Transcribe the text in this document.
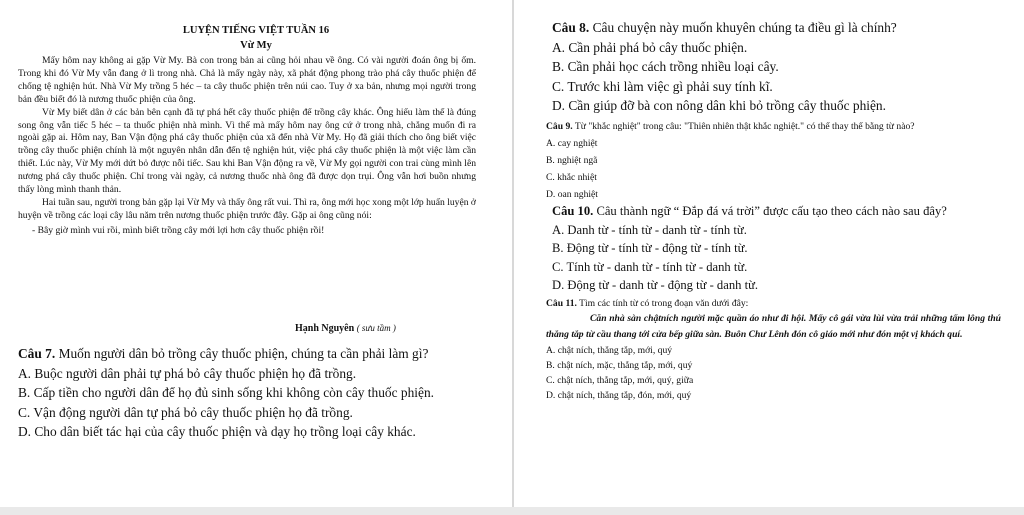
LUYỆN TIẾNG VIỆT TUẦN 16
Vừ My

Mấy hôm nay không ai gặp Vừ My. Bà con trong bản ai cũng hỏi nhau về ông. Có vài người đoán ông bị ốm. Trong khi đó Vừ My vẫn đang ở lì trong nhà. Chả là mấy ngày này, xã phát động phong trào phá cây thuốc phiện để chống tệ nghiện hút. Nhà Vừ My trồng 5 héc – ta cây thuốc phiện trên núi cao. Tuy ở xa bản, nhưng mọi người trong bản đều biết đó là nương thuốc phiện của ông.

Vừ My biết dân ở các bản bên cạnh đã tự phá hết cây thuốc phiện để trồng cây khác. Ông hiểu làm thế là đúng song ông vẫn tiếc 5 héc – ta thuốc phiện nhà mình. Vì thế mà mấy hôm nay ông cứ ở trong nhà, chẳng muốn đi ra ngoài gặp ai. Hôm nay, Ban Vận động phá cây thuốc phiện của xã đến nhà Vừ My. Họ đã giải thích cho ông biết việc trồng cây thuốc phiện chính là một nguyên nhân dẫn đến tệ nghiện hút, việc phá cây thuốc phiện là một việc làm cần thiết. Lúc này, Vừ My mới dứt bỏ được nỗi tiếc. Sau khi Ban Vận động ra về, Vừ My gọi người con trai cùng mình lên nương phá cây thuốc phiện. Chỉ trong vài ngày, cả nương thuốc nhà ông đã được dọn trụi. Ông vẫn hơi buồn nhưng thấy lòng mình thanh thản.

Hai tuần sau, người trong bản gặp lại Vừ My và thấy ông rất vui. Thì ra, ông mới học xong một lớp huấn luyện ở huyện về trồng các loại cây lâu năm trên nương thuốc phiện trước đây. Gặp ai ông cũng nói:

- Bây giờ mình vui rồi, mình biết trồng cây mới lợi hơn cây thuốc phiện rồi!

Hạnh Nguyên ( sưu tầm )
Câu 7. Muốn người dân bỏ trồng cây thuốc phiện, chúng ta cần phải làm gì?
A. Buộc người dân phải tự phá bỏ cây thuốc phiện họ đã trồng.
B. Cấp tiền cho người dân để họ đủ sinh sống khi không còn cây thuốc phiện.
C. Vận động người dân tự phá bỏ cây thuốc phiện họ đã trồng.
D. Cho dân biết tác hại của cây thuốc phiện và dạy họ trồng loại cây khác.
Câu 8. Câu chuyện này muốn khuyên chúng ta điều gì là chính?
A. Cần phải phá bỏ cây thuốc phiện.
B. Cần phải học cách trồng nhiều loại cây.
C. Trước khi làm việc gì phải suy tính kĩ.
D. Cần giúp đỡ bà con nông dân khi bỏ trồng cây thuốc phiện.
Câu 9. Từ "khắc nghiệt" trong câu: "Thiên nhiên thật khắc nghiệt." có thể thay thế bằng từ nào?
A. cay nghiệt
B. nghiệt ngã
C. khắc nhiệt
D. oan nghiệt
Câu 10. Câu thành ngữ “ Đắp đá vá trời” được cấu tạo theo cách nào sau đây?
A. Danh từ - tính từ - danh từ - tính từ.
B. Động từ - tính từ - động từ - tính từ.
C. Tính từ - danh từ - tính từ - danh từ.
D. Động từ - danh từ - động từ - danh từ.
Câu 11. Tìm các tính từ có trong đoạn văn dưới đây:
Căn nhà sàn chậtních người mặc quần áo như đi hội. Mấy cô gái vừa lùi vừa trải những tấm lông thú thẳng tắp từ cầu thang tới cửa bếp giữa sàn. Buôn Chư Lênh đón cô giáo mới như đón một vị khách quí.
A. chật ních, thẳng tắp, mới, quý
B. chật ních, mặc, thẳng tắp, mới, quý
C. chật ních, thẳng tắp, mới, quý, giữa
D. chật ních, thẳng tắp, đón, mới, quý
